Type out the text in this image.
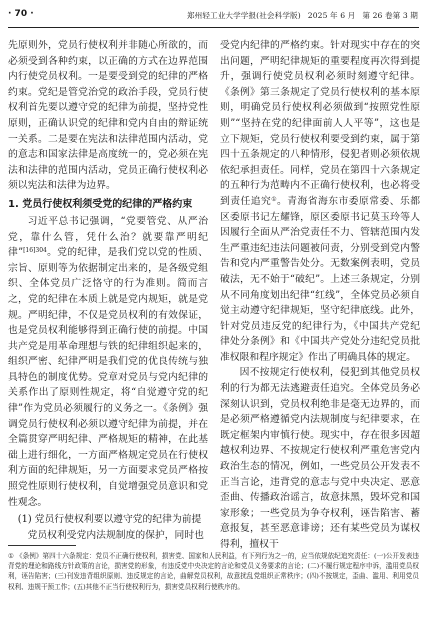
· 70 ·	郑州轻工业大学学报(社会科学版) 2025 年 6 月 第 26 卷第 3 期

先原则外，党员行使权利并非随心所欲的，而必须受到各种约束，以正确的方式在边界范围内行使党员权利。一是要受到党的纪律的严格约束。党纪是管党治党的政治手段，党员行使权利首先要以遵守党的纪律为前提，坚持党性原则，正确认识党的纪律和党内自由的辩证统一关系。二是要在宪法和法律范围内活动，党的意志和国家法律是高度统一的，党必须在宪法和法律的范围内活动，党员正确行使权利必须以宪法和法律为边界。

1. 党员行使权利须受党的纪律的严格约束

习近平总书记强调，“党要管党、从严治党，靠什么管，凭什么治？就要靠严明纪律”$^{[16]304}$。党的纪律，是我们党以党的性质、宗旨、原则等为依据制定出来的，是各级党组织、全体党员广泛恪守的行为准则。简而言之，党的纪律在本质上就是党内规矩，就是党规。严明纪律，不仅是党员权利的有效保证，也是党员权利能够得到正确行使的前提。中国共产党是用革命理想与铁的纪律组织起来的，组织严密、纪律严明是我们党的优良传统与独具特色的制度优势。党章对党员与党内纪律的关系作出了原则性规定，将“自觉遵守党的纪律”作为党员必须履行的义务之一。《条例》强调党员行使权利必须以遵守纪律为前提，并在全篇贯穿严明纪律、严格规矩的精神，在此基础上进行细化，一方面严格规定党员在行使权利方面的纪律规矩，另一方面要求党员严格按照党性原则行使权利，自觉增强党员意识和党性观念。

(1) 党员行使权利要以遵守党的纪律为前提

党员权利受党内法规制度的保护，同时也

受党内纪律的严格约束。针对现实中存在的突出问题，严明纪律规矩的重要程度再次得到提升，强调行使党员权利必须时刻遵守纪律。《条例》第三条规定了党员行使权利的基本原则，明确党员行使权利必须做到“按照党性原则”“坚持在党的纪律面前人人平等”，这也是立下规矩，党员行使权利要受到约束，属于第四十五条规定的八种情形，侵犯者则必须依规依纪承担责任。同样，党员在第四十六条规定的五种行为范畴内不正确行使权利，也必将受到责任追究①。青海省海东市委原常委、乐都区委原书记左耀锋，原区委原书记莫玉玲等人因履行全面从严治党责任不力、管辖范围内发生严重违纪违法问题被问责，分别受到党内警告和党内严重警告处分。无数案例表明，党员破法，无不始于“破纪”。上述三条规定，分别从不同角度划出纪律“红线”，全体党员必须自觉主动遵守纪律规矩，坚守纪律底线。此外，针对党员违反党的纪律行为，《中国共产党纪律处分条例》和《中国共产党处分违纪党员批准权限和程序规定》作出了明确具体的规定。

因不按规定行使权利，侵犯到其他党员权利的行为都无法逃避责任追究。全体党员务必深刻认识到，党员权利绝非是毫无边界的，而是必须严格遵循党内法规制度与纪律要求，在既定框架内审慎行使。现实中，存在很多因超越权利边界、不按规定行使权利严重危害党内政治生态的情况，例如，一些党员公开发表不正当言论，违背党的意志与党中央决定、恶意歪曲、传播政治谣言，故意抹黑，毁坏党和国家形象；一些党员为争夺权利，诬告陷害、蓄意报复，甚至恶意诽谤；还有某些党员为谋权得利，擅权干

① 《条例》第四十六条规定：党员不正确行使权利，损害党、国家和人民利益，有下列行为之一的，应当依规依纪追究责任：(一)公开发表违背党的理论和路线方针政策的言论，损害党的形象，有违反党中央决定的言论和党员义务要求的言论；(二)不履行规定程序申诉，滥用党员权利，诬告陷害；(三)刊发违背组织原则、违反规定的言论，曲解党员权利，故意扰乱党组织正常秩序；(四)不按规定，歪曲、滥用、利用党员权利、违规干预工作；(五)其他不正当行使权利行为，损害党员权利行使秩序的。
